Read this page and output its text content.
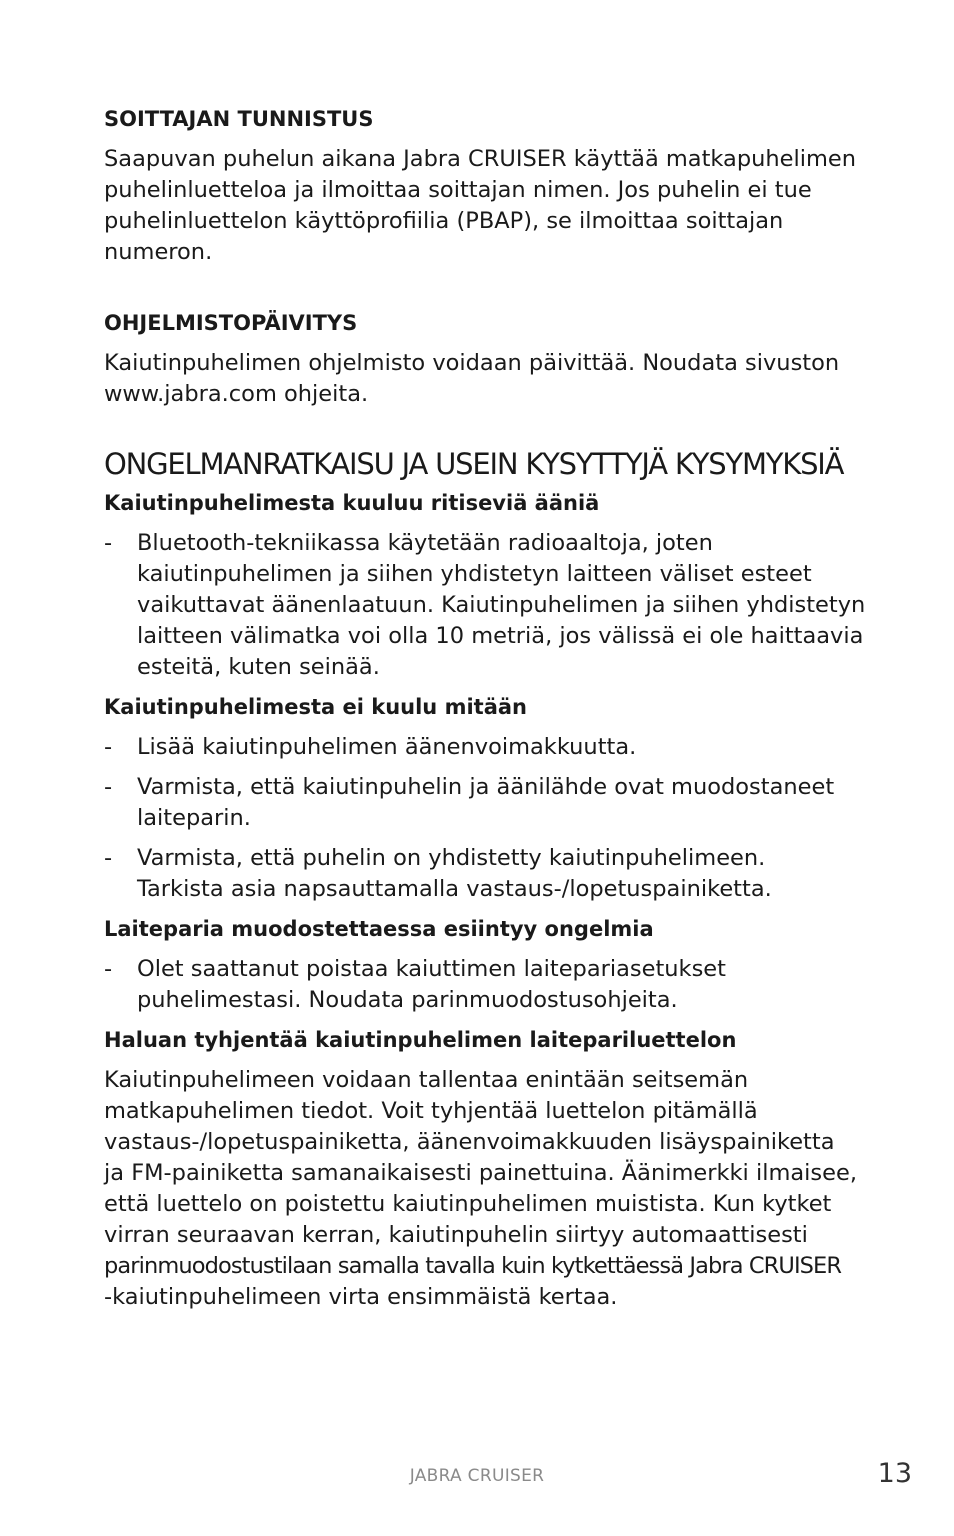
SOITTAJAN TUNNISTUS

Saapuvan puhelun aikana Jabra CRUISER käyttää matkapuhelimen
puhelinluetteloa ja ilmoittaa soittajan nimen. Jos puhelin ei tue
puhelinluettelon käyttöprofiilia (PBAP), se ilmoittaa soittajan
numeron.

OHJELMISTOPÄIVITYS

Kaiutinpuhelimen ohjelmisto voidaan päivittää. Noudata sivuston
www.jabra.com ohjeita.

ONGELMANRATKAISU JA USEIN KYSYTTYJÄ KYSYMYKSIÄ
Kaiutinpuhelimesta kuuluu ritiseviä ääniä
- Bluetooth-tekniikassa käytetään radioaaltoja, joten
kaiutinpuhelimen ja siihen yhdistetyn laitteen väliset esteet
vaikuttavat äänenlaatuun. Kaiutinpuhelimen ja siihen yhdistetyn
laitteen välimatka voi olla 10 metriä, jos välissä ei ole haittaavia
esteitä, kuten seinää.
Kaiutinpuhelimesta ei kuulu mitään
- Lisää kaiutinpuhelimen äänenvoimakkuutta.
- Varmista, että kaiutinpuhelin ja äänilähde ovat muodostaneet
laiteparin.
- Varmista, että puhelin on yhdistetty kaiutinpuhelimeen.
Tarkista asia napsauttamalla vastaus-/lopetuspainiketta.
Laiteparia muodostettaessa esiintyy ongelmia
- Olet saattanut poistaa kaiuttimen laitepariasetukset
puhelimestasi. Noudata parinmuodostusohjeita.
Haluan tyhjentää kaiutinpuhelimen laitepariluettelon

Kaiutinpuhelimeen voidaan tallentaa enintään seitsemän
matkapuhelimen tiedot. Voit tyhjentää luettelon pitämällä
vastaus-/lopetuspainiketta, äänenvoimakkuuden lisäyspainiketta
ja FM-painiketta samanaikaisesti painettuina. Äänimerkki ilmaisee,
että luettelo on poistettu kaiutinpuhelimen muistista. Kun kytket
virran seuraavan kerran, kaiutinpuhelin siirtyy automaattisesti
parinmuodostustilaan samalla tavalla kuin kytkettäessä Jabra CRUISER
-kaiutinpuhelimeen virta ensimmäistä kertaa.

JABRA CRUISER	13
